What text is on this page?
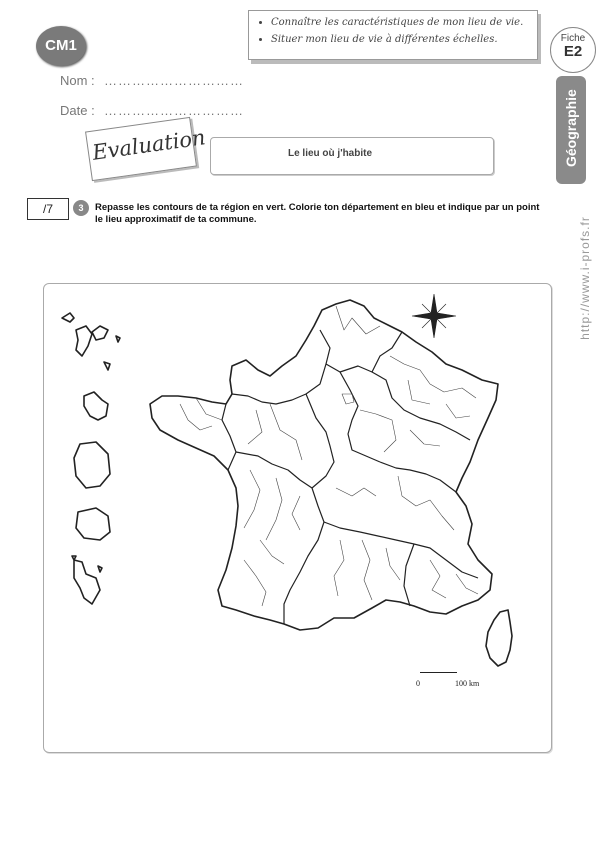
CM1
Nom : …………………………
Date : …………………………
• Connaître les caractéristiques de mon lieu de vie.
• Situer mon lieu de vie à différentes échelles.	Fiche
E2
Géographie
http://www.i-profs.fr
Evaluation	Le lieu où j'habite
/7	3	Repasse les contours de ta région en vert. Colorie ton département en bleu et indique par un point le lieu approximatif de ta commune.
0	100 km
